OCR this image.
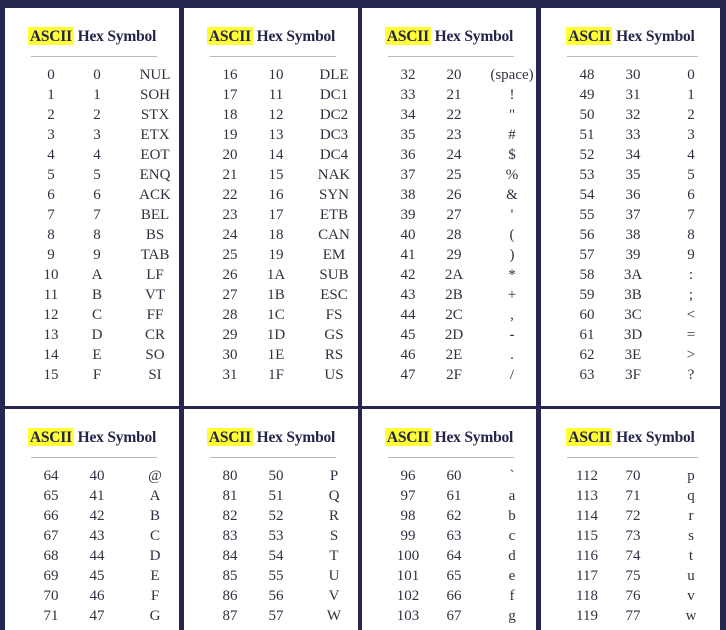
ASCII Hex Symbol
0	0	NUL
1	1	SOH
2	2	STX
3	3	ETX
4	4	EOT
5	5	ENQ
6	6	ACK
7	7	BEL
8	8	BS
9	9	TAB
10	A	LF
11	B	VT
12	C	FF
13	D	CR
14	E	SO
15	F	SI
ASCII Hex Symbol
16	10	DLE
17	11	DC1
18	12	DC2
19	13	DC3
20	14	DC4
21	15	NAK
22	16	SYN
23	17	ETB
24	18	CAN
25	19	EM
26	1A	SUB
27	1B	ESC
28	1C	FS
29	1D	GS
30	1E	RS
31	1F	US
ASCII Hex Symbol
32	20	(space)
33	21	!
34	22	"
35	23	#
36	24	$
37	25	%
38	26	&
39	27	'
40	28	(
41	29	)
42	2A	*
43	2B	+
44	2C	,
45	2D	-
46	2E	.
47	2F	/
ASCII Hex Symbol
48	30	0
49	31	1
50	32	2
51	33	3
52	34	4
53	35	5
54	36	6
55	37	7
56	38	8
57	39	9
58	3A	:
59	3B	;
60	3C	<
61	3D	=
62	3E	>
63	3F	?
ASCII Hex Symbol
64	40	@
65	41	A
66	42	B
67	43	C
68	44	D
69	45	E
70	46	F
71	47	G
ASCII Hex Symbol
80	50	P
81	51	Q
82	52	R
83	53	S
84	54	T
85	55	U
86	56	V
87	57	W
ASCII Hex Symbol
96	60	`
97	61	a
98	62	b
99	63	c
100	64	d
101	65	e
102	66	f
103	67	g
ASCII Hex Symbol
112	70	p
113	71	q
114	72	r
115	73	s
116	74	t
117	75	u
118	76	v
119	77	w
